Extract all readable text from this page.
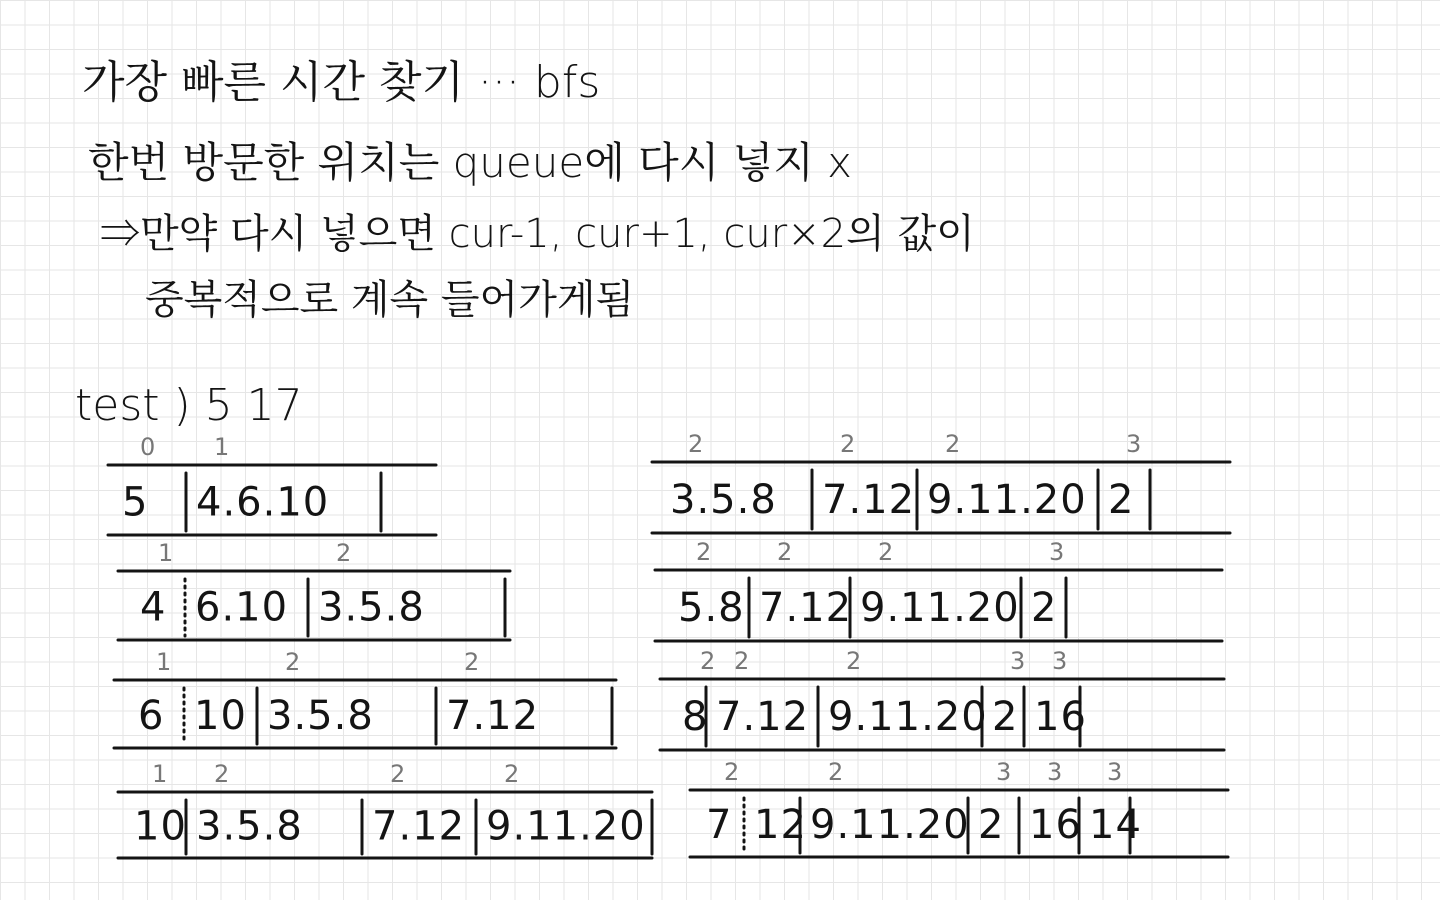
가장 빠른 시간 찾기 ··· bfs
한번 방문한 위치는 queue에 다시 넣지 x
⇒만약 다시 넣으면 cur-1, cur+1, cur×2의 값이
중복적으로 계속 들어가게됨
test ) 5 17
5
0
4.6.10
1
4
1
6.10 3.5.8
2
6
1
10 3.5.8
2
7.12
2
10
1
3.5.8
2
7.12
2
9.11.20
2
3.5.8
2
7.12
2
9.11.20
2
2
3
5.8
2
7.12
2
9.11.20
2
2
3
8
2
7.12
2
9.11.20
2
2
3
16
3
7
2
12 9.11.20
2
2
3
16
3
14
3
